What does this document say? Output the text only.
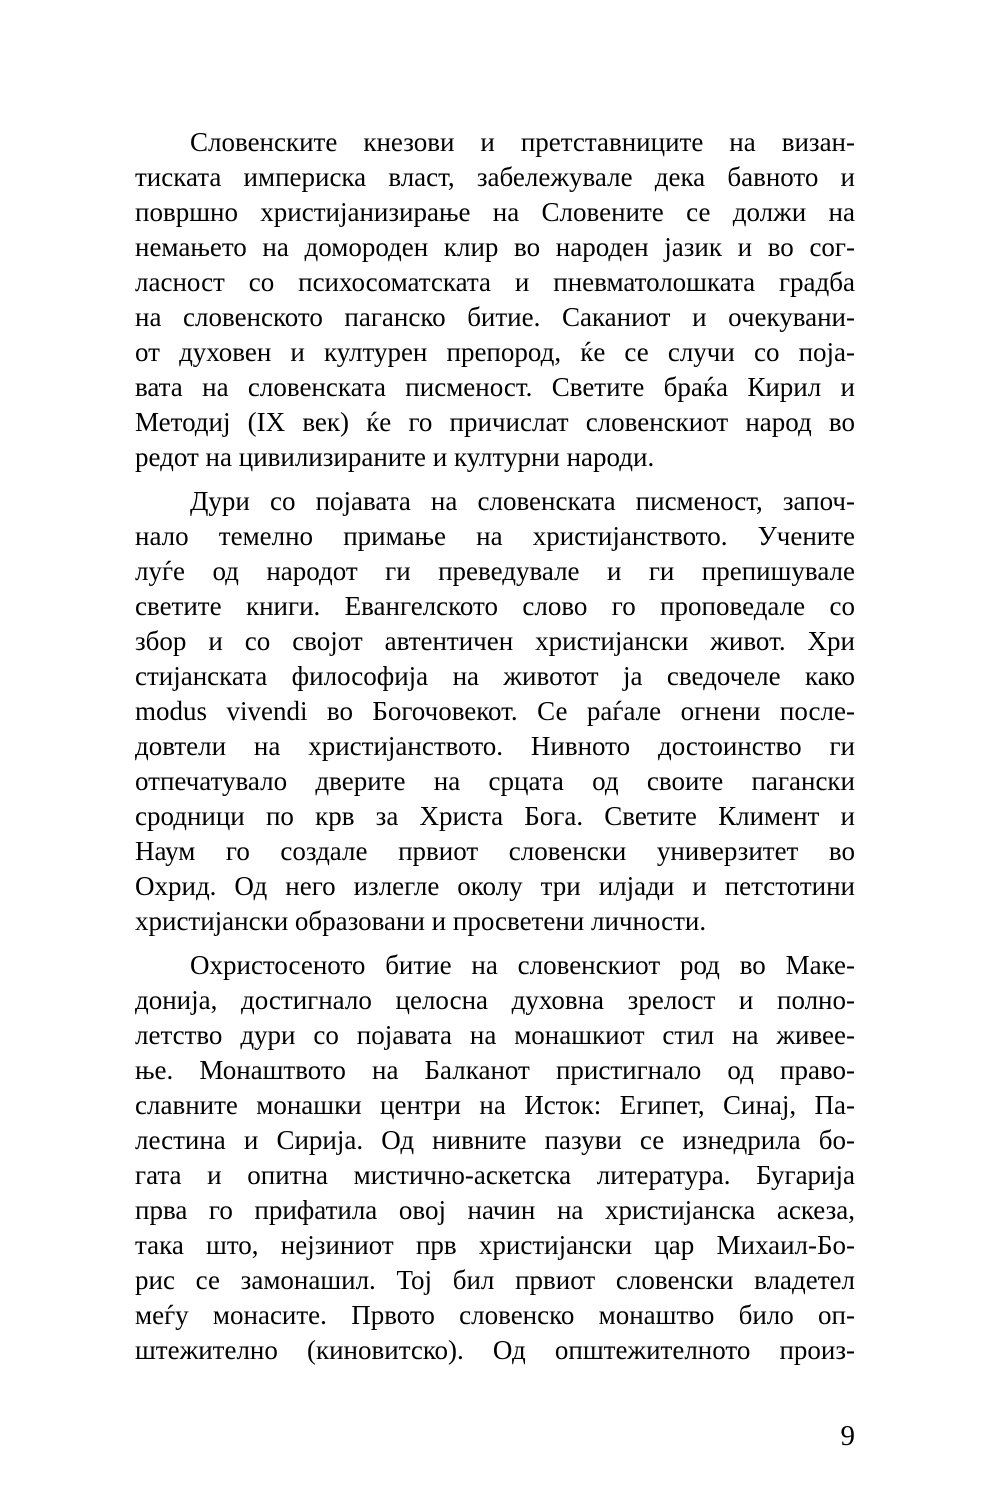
Словенските кнезови и претставниците на визан-
тиската империска власт, забележувале дека бавното и
површно христијанизирање на Словените се должи на
немањето на домороден клир во народен јазик и во сог-
ласност со психосоматската и пневматолошката градба
на словенското паганско битие. Саканиот и очекувани-
от духовен и културен препород, ќе се случи со поја-
вата на словенската писменост. Светите браќа Кирил и
Методиј (IX век) ќе го причислат словенскиот народ во
редот на цивилизираните и културни народи.

Дури со појавата на словенската писменост, започ-
нало темелно примање на христијанството. Учените
луѓе од народот ги преведувале и ги препишувале
светите книги. Евангелското слово го проповедале со
збор и со својот автентичен христијански живот. Хри
стијанската философија на животот ја сведочеле како
modus vivendi во Богочовекот. Се раѓале огнени после-
довтели на христијанството. Нивното достоинство ги
отпечатувало дверите на срцата од своите пагански
сродници по крв за Христа Бога. Светите Климент и
Наум го создале првиот словенски универзитет во
Охрид. Од него излегле околу три илјади и петстотини
христијански образовани и просветени личности.

Охристосеното битие на словенскиот род во Маке-
донија, достигнало целосна духовна зрелост и полно-
летство дури со појавата на монашкиот стил на живее-
ње. Монаштвото на Балканот пристигнало од право-
славните монашки центри на Исток: Египет, Синај, Па-
лестина и Сирија. Од нивните пазуви се изнедрила бо-
гата и опитна мистично-аскетска литература. Бугарија
прва го прифатила овој начин на христијанска аскеза,
така што, нејзиниот прв христијански цар Михаил-Бо-
рис се замонашил. Тој бил првиот словенски владетел
меѓу монасите. Првото словенско монаштво било оп-
штежително (киновитско). Од општежителното произ-

9
